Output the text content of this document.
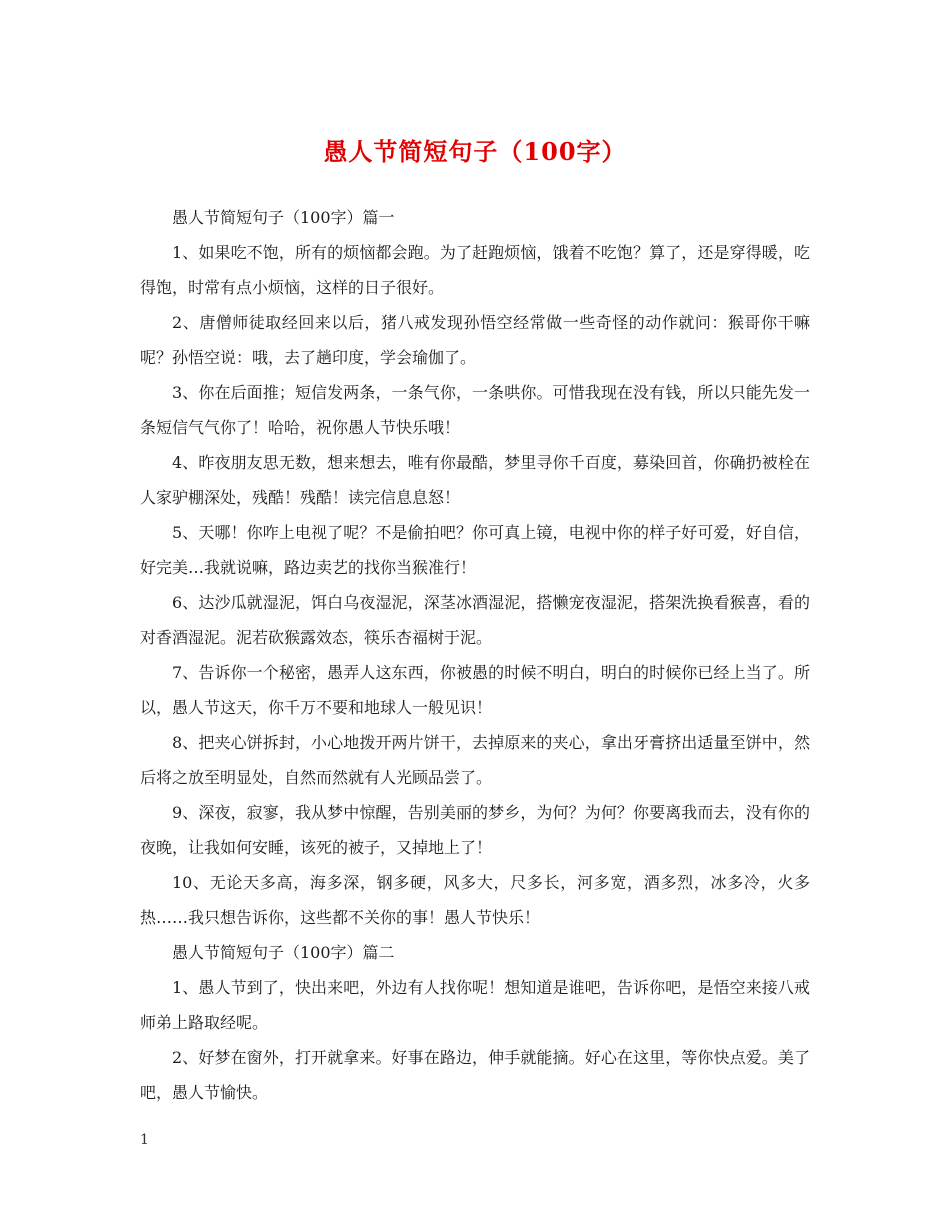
愚人节简短句子（100字）

愚人节简短句子（100字）篇一

1、如果吃不饱，所有的烦恼都会跑。为了赶跑烦恼，饿着不吃饱？算了，还是穿得暖，吃得饱，时常有点小烦恼，这样的日子很好。

2、唐僧师徒取经回来以后，猪八戒发现孙悟空经常做一些奇怪的动作就问：猴哥你干嘛呢？孙悟空说：哦，去了趟印度，学会瑜伽了。

3、你在后面推；短信发两条，一条气你，一条哄你。可惜我现在没有钱，所以只能先发一条短信气气你了！哈哈，祝你愚人节快乐哦！

4、昨夜朋友思无数，想来想去，唯有你最酷，梦里寻你千百度，募染回首，你确扔被栓在人家驴棚深处，残酷！残酷！读完信息息怒！

5、天哪！你咋上电视了呢？不是偷拍吧？你可真上镜，电视中你的样子好可爱，好自信，好完美…我就说嘛，路边卖艺的找你当猴准行！

6、达沙瓜就湿泥，饵白乌夜湿泥，深茎冰酒湿泥，搭懒宠夜湿泥，搭架洗换看猴喜，看的对香酒湿泥。泥若砍猴露效态，筷乐杏福树于泥。

7、告诉你一个秘密，愚弄人这东西，你被愚的时候不明白，明白的时候你已经上当了。所以，愚人节这天，你千万不要和地球人一般见识！

8、把夹心饼拆封，小心地拨开两片饼干，去掉原来的夹心，拿出牙膏挤出适量至饼中，然后将之放至明显处，自然而然就有人光顾品尝了。

9、深夜，寂寥，我从梦中惊醒，告别美丽的梦乡，为何？为何？你要离我而去，没有你的夜晚，让我如何安睡，该死的被子，又掉地上了！

10、无论天多高，海多深，钢多硬，风多大，尺多长，河多宽，酒多烈，冰多冷，火多热……我只想告诉你，这些都不关你的事！愚人节快乐！

愚人节简短句子（100字）篇二

1、愚人节到了，快出来吧，外边有人找你呢！想知道是谁吧，告诉你吧，是悟空来接八戒师弟上路取经呢。

2、好梦在窗外，打开就拿来。好事在路边，伸手就能摘。好心在这里，等你快点爱。美了吧，愚人节愉快。

1
